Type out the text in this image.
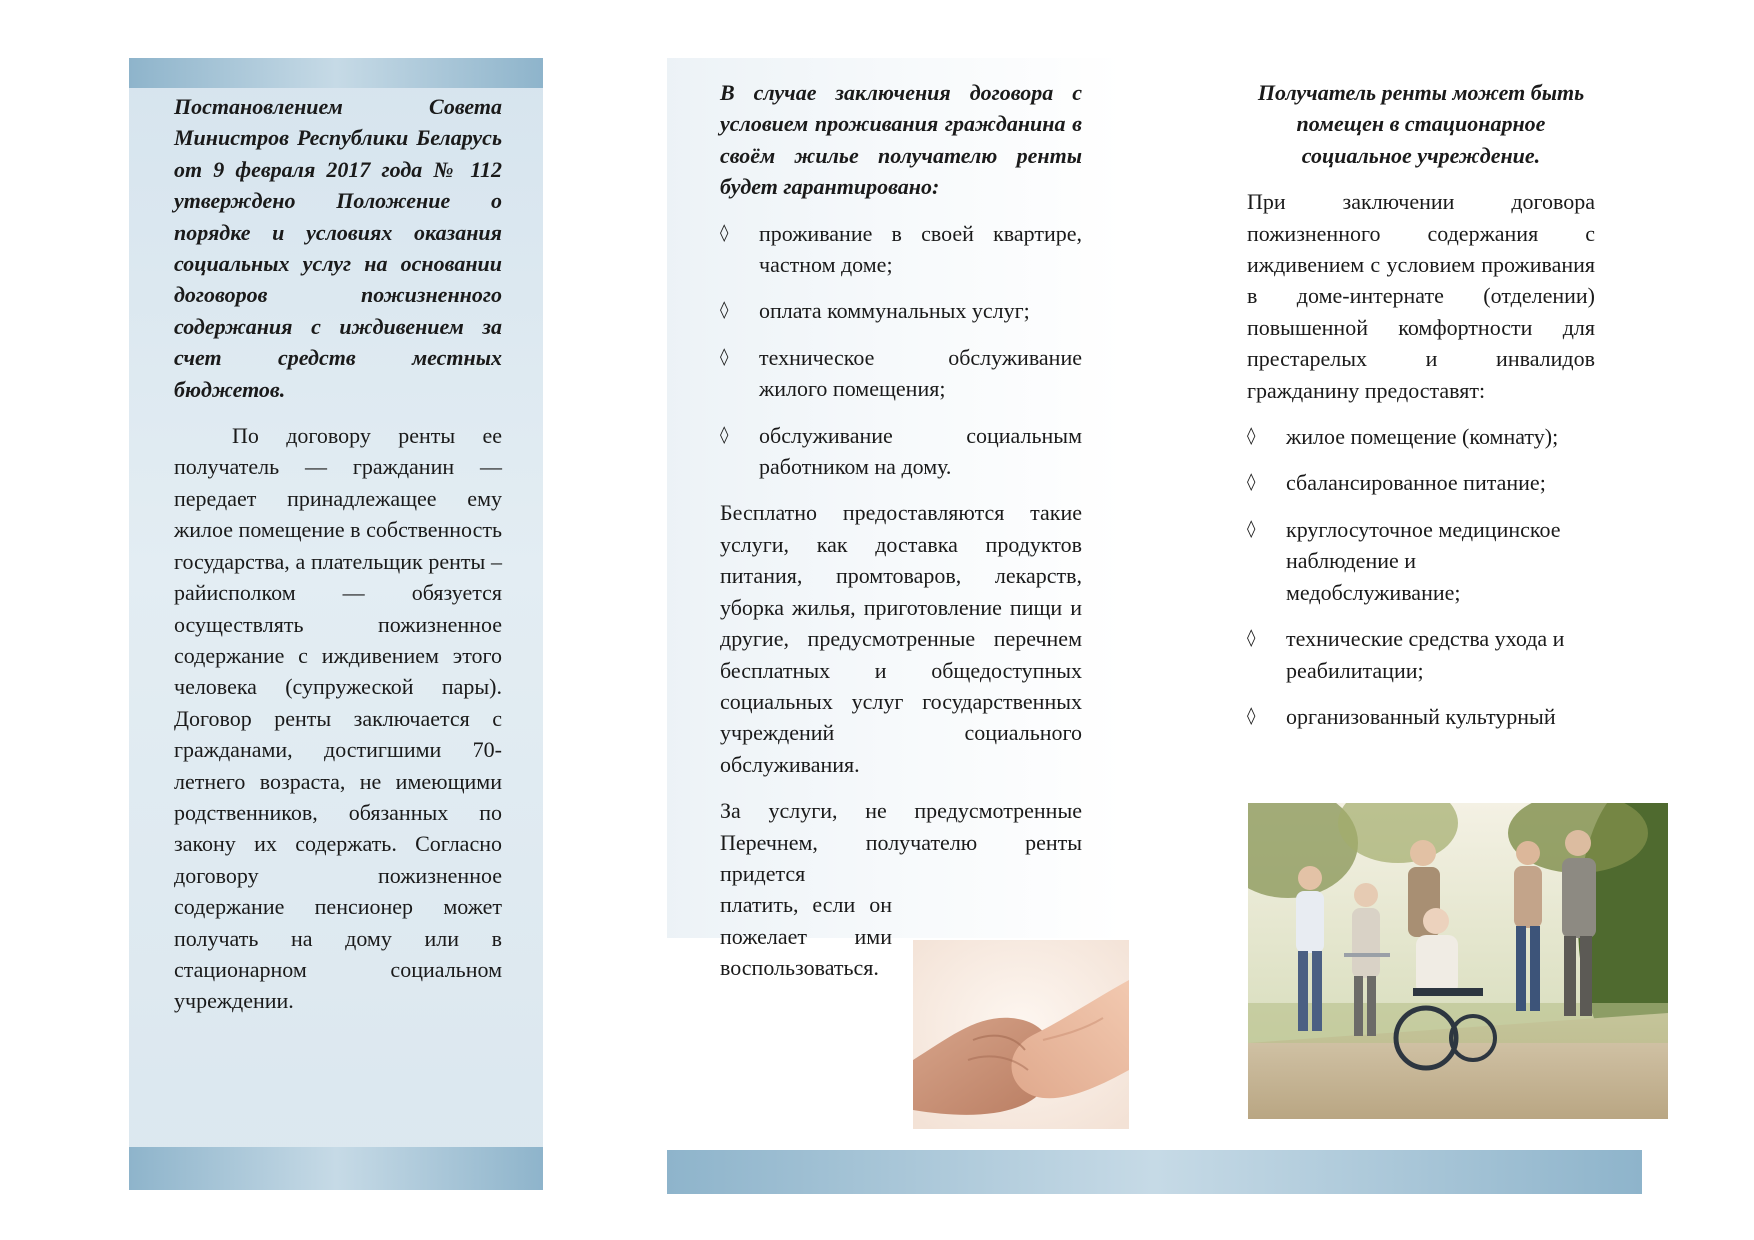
Постановлением Совета Министров Республики Беларусь от 9 февраля 2017 года № 112 утверждено Положение о порядке и условиях оказания социальных услуг на основании договоров пожизненного содержания с иждивением за счет средств местных бюджетов.

По договору ренты ее получатель — гражданин — передает принадлежащее ему жилое помещение в собственность государства, а плательщик ренты – райисполком — обязуется осуществлять пожизненное содержание с иждивением этого человека (супружеской пары). Договор ренты заключается с гражданами, достигшими 70-летнего возраста, не имеющими родственников, обязанных по закону их содержать. Согласно договору пожизненное содержание пенсионер может получать на дому или в стационарном социальном учреждении.

В случае заключения договора с условием проживания гражданина в своём жилье получателю ренты будет гарантировано:

◊ проживание в своей квартире, частном доме;
◊ оплата коммунальных услуг;
◊ техническое обслуживание жилого помещения;
◊ обслуживание социальным работником на дому.

Бесплатно предоставляются такие услуги, как доставка продуктов питания, промтоваров, лекарств, уборка жилья, приготовление пищи и другие, предусмотренные перечнем бесплатных и общедоступных социальных услуг государственных учреждений социального обслуживания.

За услуги, не предусмотренные Перечнем, получателю ренты придется

платить, если он пожелает ими воспользоваться.

Получатель ренты может быть помещен в стационарное социальное учреждение.

При заключении договора пожизненного содержания с иждивением с условием проживания в доме-интернате (отделении) повышенной комфортности для престарелых и инвалидов гражданину предоставят:

◊ жилое помещение (комнату);
◊ сбалансированное питание;
◊ круглосуточное медицинское наблюдение и медобслуживание;
◊ технические средства ухода и реабилитации;
◊ организованный культурный
